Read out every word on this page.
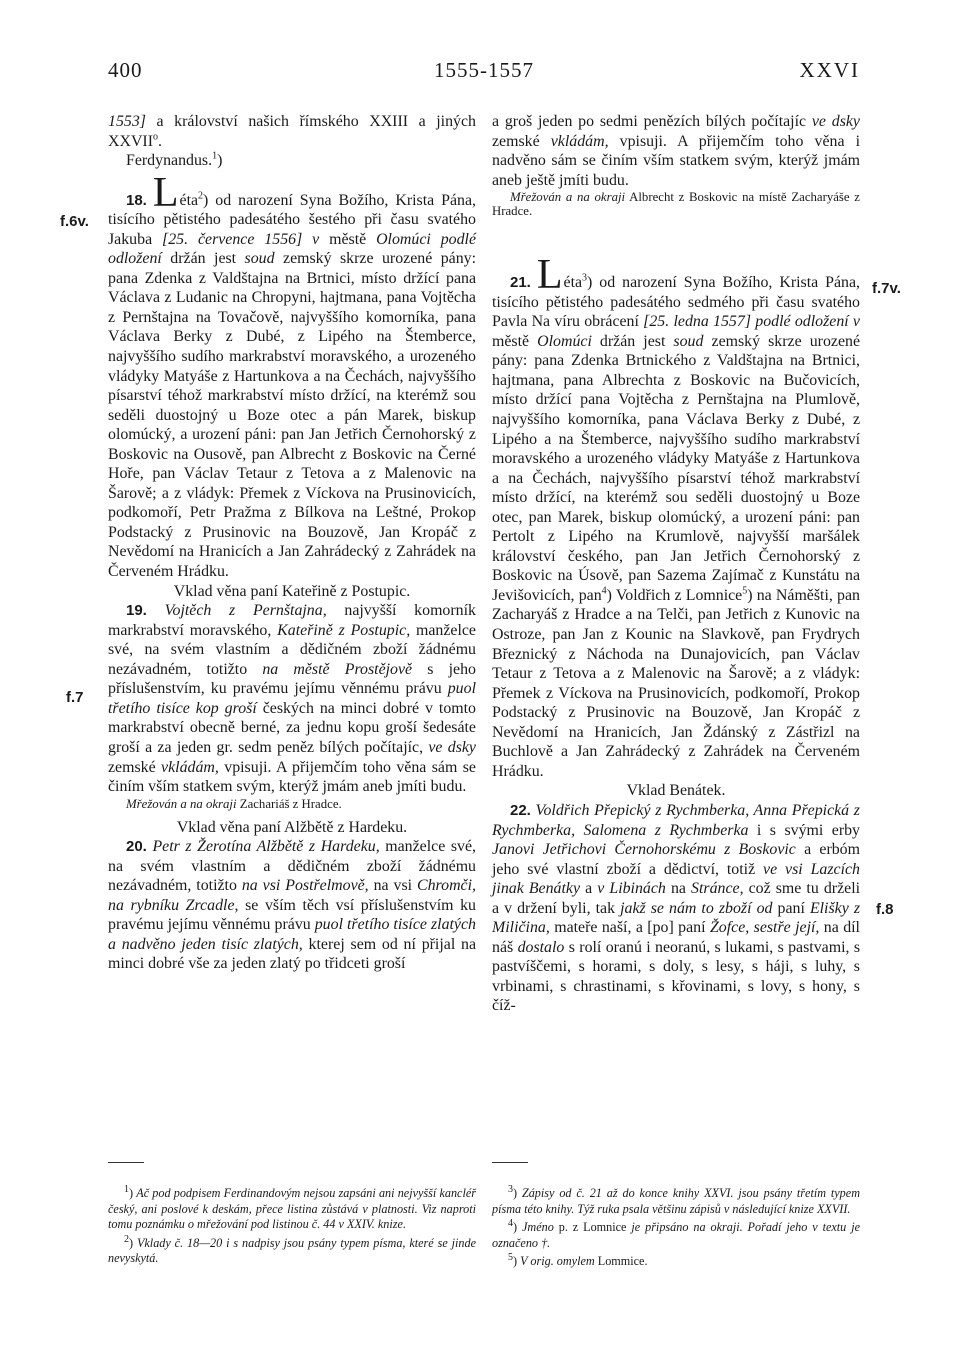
400	1555-1557	XXVI
f.6v.
f.7
f.7v.
f.8

1553] a království našich římského XXIII a jiných XXVII$^o$.

Ferdynandus.$^1$)

18. Léta$^2$) od narození Syna Božího, Krista Pána, tisícího pětistého padesátého šestého při času svatého Jakuba [25. července 1556] v městě Olomúci podlé odložení držán jest soud zemský skrze urozené pány: pana Zdenka z Valdštajna na Brtnici, místo držící pana Václava z Ludanic na Chropyni, hajtmana, pana Vojtěcha z Pernštajna na Tovačově, najvyššího komorníka, pana Václava Berky z Dubé, z Lipého na Štemberce, najvyššího sudího markrabství moravského, a urozeného vládyky Matyáše z Hartunkova a na Čechách, najvyššího písarství téhož markrabství místo držící, na kterémž sou seděli duostojný u Boze otec a pán Marek, biskup olomúcký, a urození páni: pan Jan Jetřich Černohorský z Boskovic na Ousově, pan Albrecht z Boskovic na Černé Hoře, pan Václav Tetaur z Tetova a z Malenovic na Šarově; a z vládyk: Přemek z Víckova na Prusinovicích, podkomoří, Petr Pražma z Bílkova na Leštné, Prokop Podstacký z Prusinovic na Bouzově, Jan Kropáč z Nevědomí na Hranicích a Jan Zahrádecký z Zahrádek na Červeném Hrádku.

Vklad věna paní Kateřině z Postupic.

19. Vojtěch z Pernštajna, najvyšší komorník markrabství moravského, Kateřině z Postupic, manželce své, na svém vlastním a dědičném zboží žádnému nezávadném, totižto na městě Prostějově s jeho příslušenstvím, ku pravému jejímu věnnému právu puol třetího tisíce kop groší českých na minci dobré v tomto markrabství obecně berné, za jednu kopu groší šedesáte groší a za jeden gr. sedm peněz bílých počítajíc, ve dsky zemské vkládám, vpisuji. A přijemčím toho věna sám se činím vším statkem svým, kterýž jmám aneb jmíti budu.

Mřežován a na okraji Zachariáš z Hradce.

Vklad věna paní Alžbětě z Hardeku.

20. Petr z Žerotína Alžbětě z Hardeku, manželce své, na svém vlastním a dědičném zboží žádnému nezávadném, totižto na vsi Postřelmově, na vsi Chromči, na rybníku Zrcadle, se vším těch vsí příslušenstvím ku pravému jejímu věnnému právu puol třetího tisíce zlatých a nadvěno jeden tisíc zlatých, kterej sem od ní přijal na minci dobré vše za jeden zlatý po třidceti groší

a groš jeden po sedmi penězích bílých počítajíc ve dsky zemské vkládám, vpisuji. A přijemčím toho věna i nadvěno sám se činím vším statkem svým, kterýž jmám aneb ještě jmíti budu.

Mřežován a na okraji Albrecht z Boskovic na místě Zacharyáše z Hradce.

21. Léta$^3$) od narození Syna Božího, Krista Pána, tisícího pětistého padesátého sedmého při času svatého Pavla Na víru obrácení [25. ledna 1557] podlé odložení v městě Olomúci držán jest soud zemský skrze urozené pány: pana Zdenka Brtnického z Valdštajna na Brtnici, hajtmana, pana Albrechta z Boskovic na Bučovicích, místo držící pana Vojtěcha z Pernštajna na Plumlově, najvyššího komorníka, pana Václava Berky z Dubé, z Lipého a na Štemberce, najvyššího sudího markrabství moravského a urozeného vládyky Matyáše z Hartunkova a na Čechách, najvyššího písarství téhož markrabství místo držící, na kterémž sou seděli duostojný u Boze otec, pan Marek, biskup olomúcký, a urození páni: pan Pertolt z Lipého na Krumlově, najvyšší maršálek království českého, pan Jan Jetřich Černohorský z Boskovic na Úsově, pan Sazema Zajímač z Kunstátu na Jevišovicích, pan$^4$) Voldřich z Lomnice$^5$) na Náměšti, pan Zacharyáš z Hradce a na Telči, pan Jetřich z Kunovic na Ostroze, pan Jan z Kounic na Slavkově, pan Frydrych Březnický z Náchoda na Dunajovicích, pan Václav Tetaur z Tetova a z Malenovic na Šarově; a z vládyk: Přemek z Víckova na Prusinovicích, podkomoří, Prokop Podstacký z Prusinovic na Bouzově, Jan Kropáč z Nevědomí na Hranicích, Jan Ždánský z Zástřizl na Buchlově a Jan Zahrádecký z Zahrádek na Červeném Hrádku.

Vklad Benátek.

22. Voldřich Přepický z Rychmberka, Anna Přepická z Rychmberka, Salomena z Rychmberka i s svými erby Janovi Jetřichovi Černohorskému z Boskovic a erbóm jeho své vlastní zboží a dědictví, totiž ve vsi Lazcích jinak Benátky a v Libinách na Stránce, což sme tu drželi a v držení byli, tak jakž se nám to zboží od paní Elišky z Miličina, mateře naší, a [po] paní Žofce, sestře její, na díl náš dostalo s rolí oranú i neoranú, s lukami, s pastvami, s pastvíščemi, s horami, s doly, s lesy, s háji, s luhy, s vrbinami, s chrastinami, s křovinami, s lovy, s hony, s číž-

$^1$) Ač pod podpisem Ferdinandovým nejsou zapsáni ani nejvyšší kancléř český, ani poslové k deskám, přece listina zůstává v platnosti. Viz naproti tomu poznámku o mřežování pod listinou č. 44 v XXIV. knize.

$^2$) Vklady č. 18—20 i s nadpisy jsou psány typem písma, které se jinde nevyskytá.

$^3$) Zápisy od č. 21 až do konce knihy XXVI. jsou psány třetím typem písma této knihy. Týž ruka psala většinu zápisů v následující knize XXVII.

$^4$) Jméno p. z Lomnice je připsáno na okraji. Pořadí jeho v textu je označeno †.

$^5$) V orig. omylem Lommice.
